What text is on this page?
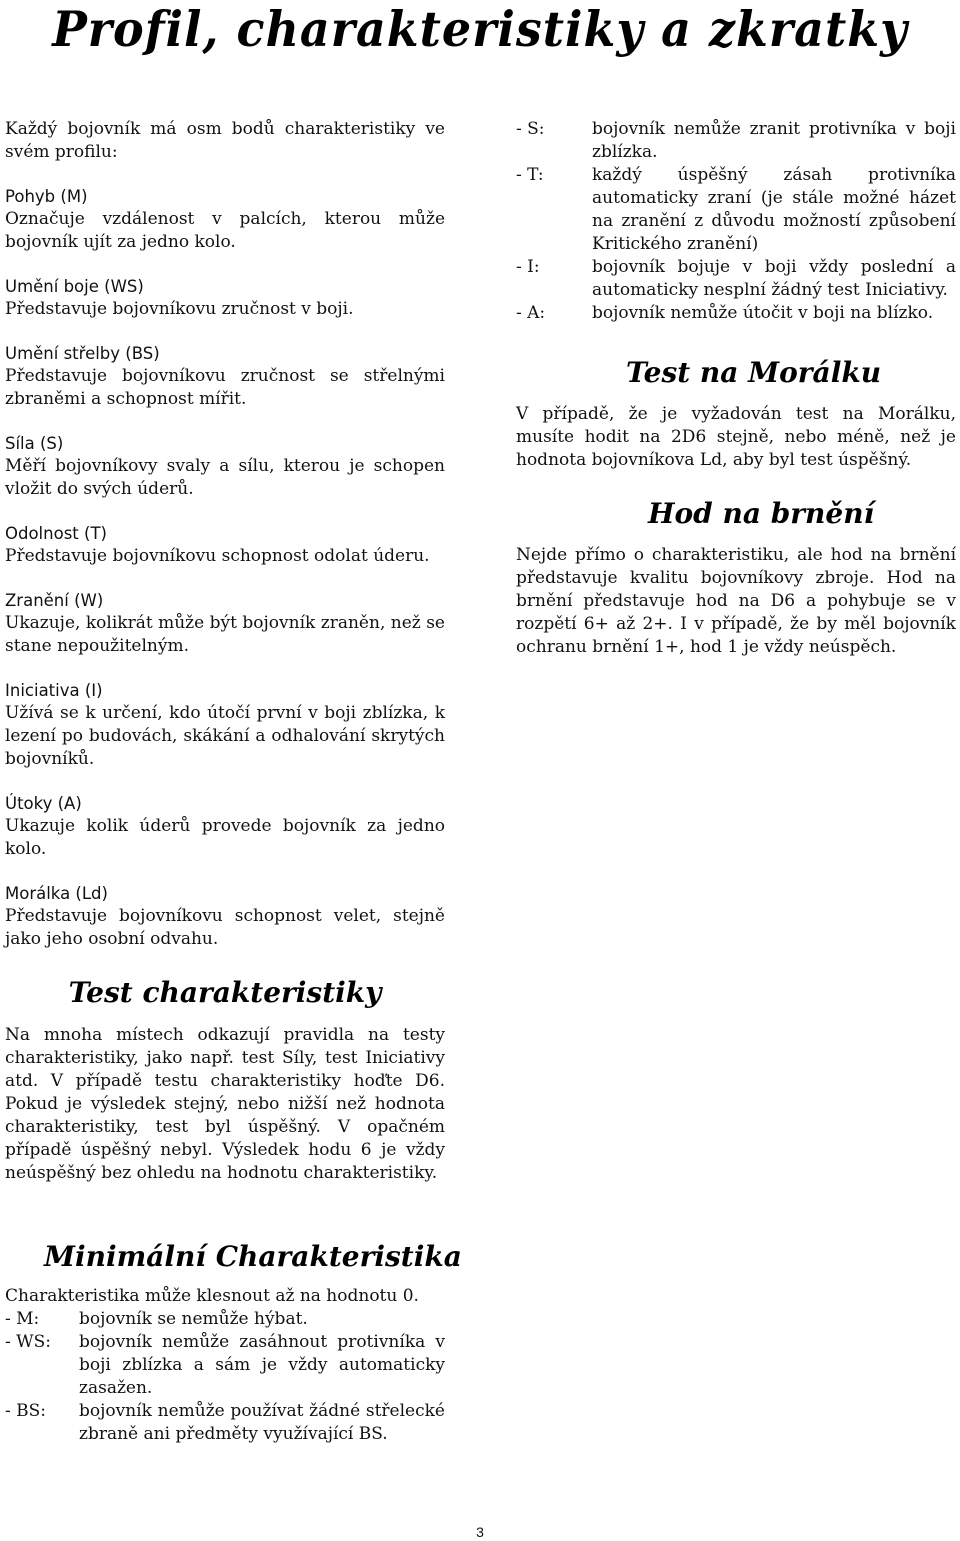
Profil, charakteristiky a zkratky

Každý bojovník má osm bodů charakteristiky ve svém profilu:

Pohyb (M)

Označuje vzdálenost v palcích, kterou může bojovník ujít za jedno kolo.

Umění boje (WS)

Představuje bojovníkovu zručnost v boji.

Umění střelby (BS)

Představuje bojovníkovu zručnost se střelnými zbraněmi a schopnost mířit.

Síla (S)

Měří bojovníkovy svaly a sílu, kterou je schopen vložit do svých úderů.

Odolnost (T)

Představuje bojovníkovu schopnost odolat úderu.

Zranění (W)

Ukazuje, kolikrát může být bojovník zraněn, než se stane nepoužitelným.

Iniciativa (I)

Užívá se k určení, kdo útočí první v boji zblízka, k lezení po budovách, skákání a odhalování skrytých bojovníků.

Útoky (A)

Ukazuje kolik úderů provede bojovník za jedno kolo.

Morálka (Ld)

Představuje bojovníkovu schopnost velet, stejně jako jeho osobní odvahu.

Test charakteristiky

Na mnoha místech odkazují pravidla na testy charakteristiky, jako např. test Síly, test Iniciativy atd. V případě testu charakteristiky hoďte D6. Pokud je výsledek stejný, nebo nižší než hodnota charakteristiky, test byl úspěšný. V opačném případě úspěšný nebyl. Výsledek hodu 6 je vždy neúspěšný bez ohledu na hodnotu charakteristiky.

Minimální Charakteristika

Charakteristika může klesnout až na hodnotu 0.

- M:	bojovník se nemůže hýbat.
- WS:	bojovník nemůže zasáhnout protivníka v boji zblízka a sám je vždy automaticky zasažen.
- BS:	bojovník nemůže používat žádné střelecké zbraně ani předměty využívající BS.
- S:	bojovník nemůže zranit protivníka v boji zblízka.
- T:	každý úspěšný zásah protivníka automaticky zraní (je stále možné házet na zranění z důvodu možností způsobení Kritického zranění)
- I:	bojovník bojuje v boji vždy poslední a automaticky nesplní žádný test Iniciativy.
- A:	bojovník nemůže útočit v boji na blízko.
Test na Morálku

V případě, že je vyžadován test na Morálku, musíte hodit na 2D6 stejně, nebo méně, než je hodnota bojovníkova Ld, aby byl test úspěšný.

Hod na brnění

Nejde přímo o charakteristiku, ale hod na brnění představuje kvalitu bojovníkovy zbroje. Hod na brnění představuje hod na D6 a pohybuje se v rozpětí 6+ až 2+. I v případě, že by měl bojovník ochranu brnění 1+, hod 1 je vždy neúspěch.

3
